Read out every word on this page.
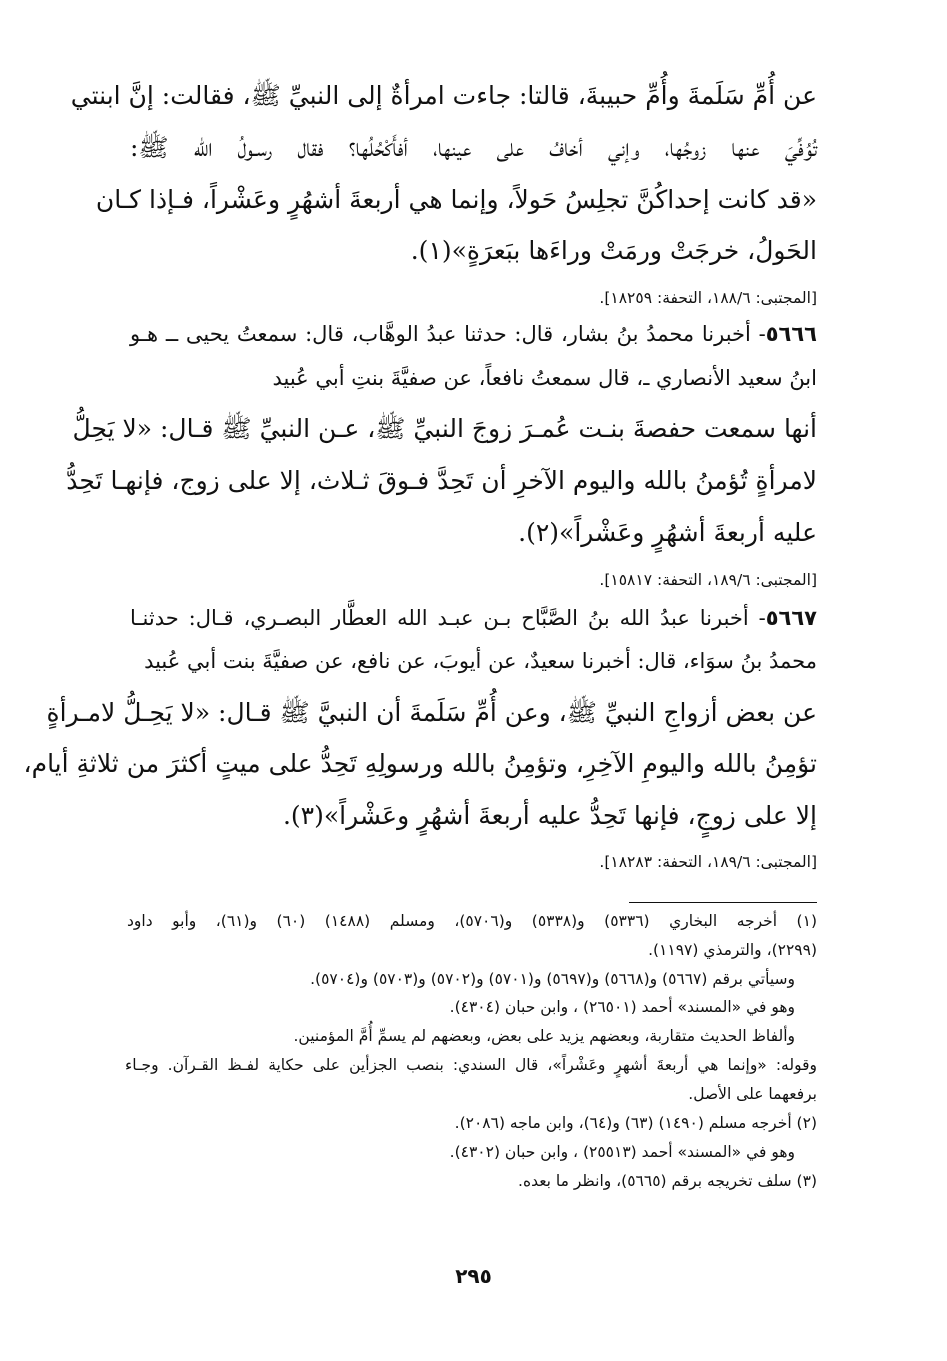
عن أُمِّ سَلَمةَ وأُمِّ حبيبةَ، قالتا: جاءت امرأةٌ إلى النبيِّ ﷺ، فقالت: إنَّ ابنتي
تُوُفِّيَ عنها زوجُها، وإني أخافُ على عينها، أفأَكْحُلُها؟ فقال رسـولُ الله ﷺ:
«قد كانت إحداكُنَّ تجلِسُ حَولاً، وإنما هي أربعةَ أشهُرٍ وعَشْراً، فـإذا كـان
الحَولُ، خرجَتْ ورمَتْ وراءَها ببَعرَةٍ»(١).
[المجتبى: ١٨٨/٦، التحفة: ١٨٢٥٩].
٥٦٦٦- أخبرنا محمدُ بنُ بشار، قال: حدثنا عبدُ الوهَّاب، قال: سمعتُ يحيى ــ هـو
ابنُ سعيد الأنصاري ـ، قال سمعتُ نافعاً، عن صفيَّةَ بنتِ أبي عُبيد
أنها سمعت حفصةَ بنـت عُمـرَ زوجَ النبيِّ ﷺ، عـن النبيِّ ﷺ قـال: «لا يَحِلُّ
لامرأةٍ تُؤمنُ بالله واليوم الآخرِ أن تَحِدَّ فـوقَ ثـلاث، إلا على زوج، فإنهـا تَحِدُّ
عليه أربعةَ أشهُرٍ وعَشْراً»(٢).
[المجتبى: ١٨٩/٦، التحفة: ١٥٨١٧].
٥٦٦٧- أخبرنا عبدُ الله بنُ الصَّبَّاح بـن عبـد الله العطَّار البصـري، قـال: حدثنـا
محمدُ بنُ سوَاء، قال: أخبرنا سعيدٌ، عن أيوبَ، عن نافع، عن صفيَّةَ بنت أبي عُبيد
عن بعض أزواجِ النبيِّ ﷺ، وعن أُمِّ سَلَمةَ أن النبيَّ ﷺ قـال: «لا يَحِـلُّ لامـرأةٍ
تؤمِنُ بالله واليومِ الآخِرِ، وتؤمِنُ بالله ورسولِهِ تَحِدُّ على ميتٍ أكثرَ من ثلاثةِ أيام،
إلا على زوجٍ، فإنها تَحِدُّ عليه أربعةَ أشهُرٍ وعَشْراً»(٣).
[المجتبى: ١٨٩/٦، التحفة: ١٨٢٨٣].
(١) أخرجه البخاري (٥٣٣٦) و(٥٣٣٨) و(٥٧٠٦)، ومسلم (١٤٨٨) (٦٠) و(٦١)، وأبو داود
(٢٢٩٩)، والترمذي (١١٩٧).
وسيأتي برقم (٥٦٦٧) و(٥٦٦٨) و(٥٦٩٧) و(٥٧٠١) و(٥٧٠٢) و(٥٧٠٣) و(٥٧٠٤).
وهو في «المسند» أحمد (٢٦٥٠١) ، وابن حبان (٤٣٠٤).
وألفاظ الحديث متقاربة، وبعضهم يزيد على بعض، وبعضهم لم يسمِّ أُمَّ المؤمنين.
وقوله: «وإنما هي أربعةَ أشهرٍ وعَشْراً»، قال السندي: بنصب الجزأين على حكاية لفـظ القـرآن. وجـاء
برفعهما على الأصل.
(٢) أخرجه مسلم (١٤٩٠) (٦٣) و(٦٤)، وابن ماجه (٢٠٨٦).
وهو في «المسند» أحمد (٢٥٥١٣) ، وابن حبان (٤٣٠٢).
(٣) سلف تخريجه برقم (٥٦٦٥)، وانظر ما بعده.
٢٩٥
